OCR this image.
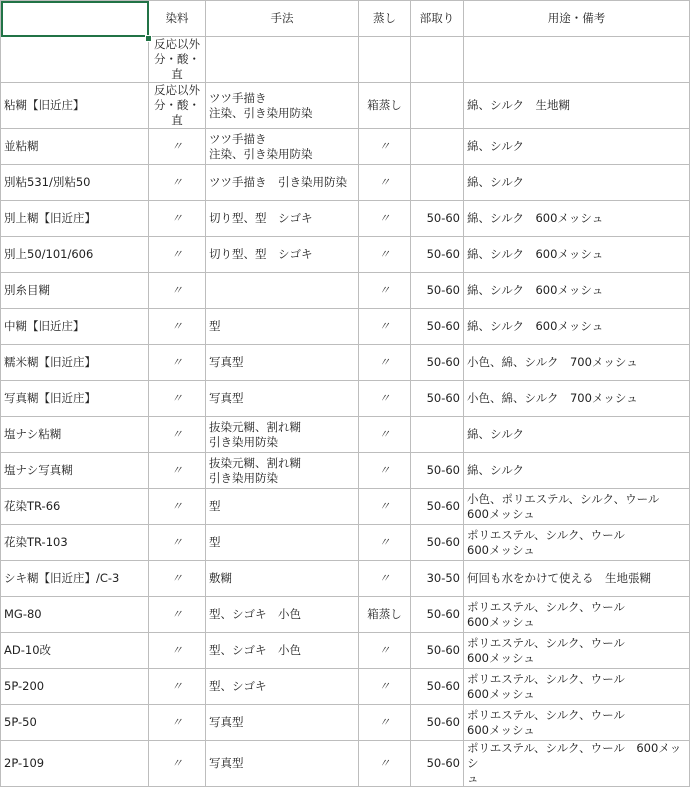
	染料	手法	蒸し	部取り	用途・備考

	反応以外
分・酸・直				

粘糊【旧近庄】	反応以外
分・酸・直	ツツ手描き
注染、引き染用防染	箱蒸し		綿、シルク　生地糊

並粘糊	〃	ツツ手描き
注染、引き染用防染	〃		綿、シルク

別粘531/別粘50	〃	ツツ手描き　引き染用防染	〃		綿、シルク

別上糊【旧近庄】	〃	切り型、型　シゴキ	〃	50-60	綿、シルク　600メッシュ

別上50/101/606	〃	切り型、型　シゴキ	〃	50-60	綿、シルク　600メッシュ

別糸目糊	〃		〃	50-60	綿、シルク　600メッシュ

中糊【旧近庄】	〃	型	〃	50-60	綿、シルク　600メッシュ

糯米糊【旧近庄】	〃	写真型	〃	50-60	小色、綿、シルク　700メッシュ

写真糊【旧近庄】	〃	写真型	〃	50-60	小色、綿、シルク　700メッシュ

塩ナシ粘糊	〃	抜染元糊、割れ糊
引き染用防染	〃		綿、シルク

塩ナシ写真糊	〃	抜染元糊、割れ糊
引き染用防染	〃	50-60	綿、シルク

花染TR-66	〃	型	〃	50-60	小色、ポリエステル、シルク、ウール
600メッシュ

花染TR-103	〃	型	〃	50-60	ポリエステル、シルク、ウール
600メッシュ

シキ糊【旧近庄】/C-3	〃	敷糊	〃	30-50	何回も水をかけて使える　生地張糊

MG-80	〃	型、シゴキ　小色	箱蒸し	50-60	ポリエステル、シルク、ウール
600メッシュ

AD-10改	〃	型、シゴキ　小色	〃	50-60	ポリエステル、シルク、ウール
600メッシュ

5P-200	〃	型、シゴキ	〃	50-60	ポリエステル、シルク、ウール
600メッシュ

5P-50	〃	写真型	〃	50-60	ポリエステル、シルク、ウール
600メッシュ

2P-109	〃	写真型	〃	50-60	ポリエステル、シルク、ウール　600メッシ
ュ
